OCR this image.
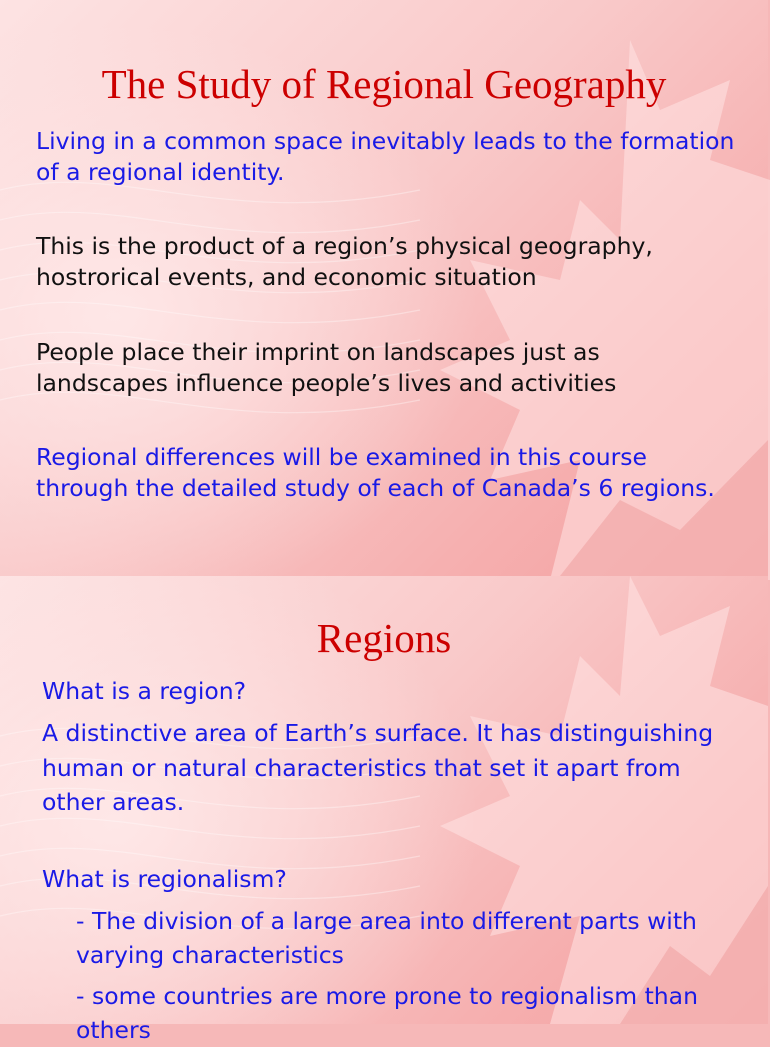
The Study of Regional Geography

Living in a common space inevitably leads to the formation of a regional identity.

This is the product of a region’s physical geography, hostrorical events, and economic situation

People place their imprint on landscapes just as landscapes influence people’s lives and activities

Regional differences will be examined in this course through the detailed study of each of Canada’s 6 regions.

Regions

What is a region?

A distinctive area of Earth’s surface. It has distinguishing human or natural characteristics that set it apart from other areas.

What is regionalism?

- The division of a large area into different parts with varying characteristics

- some countries are more prone to regionalism than others
